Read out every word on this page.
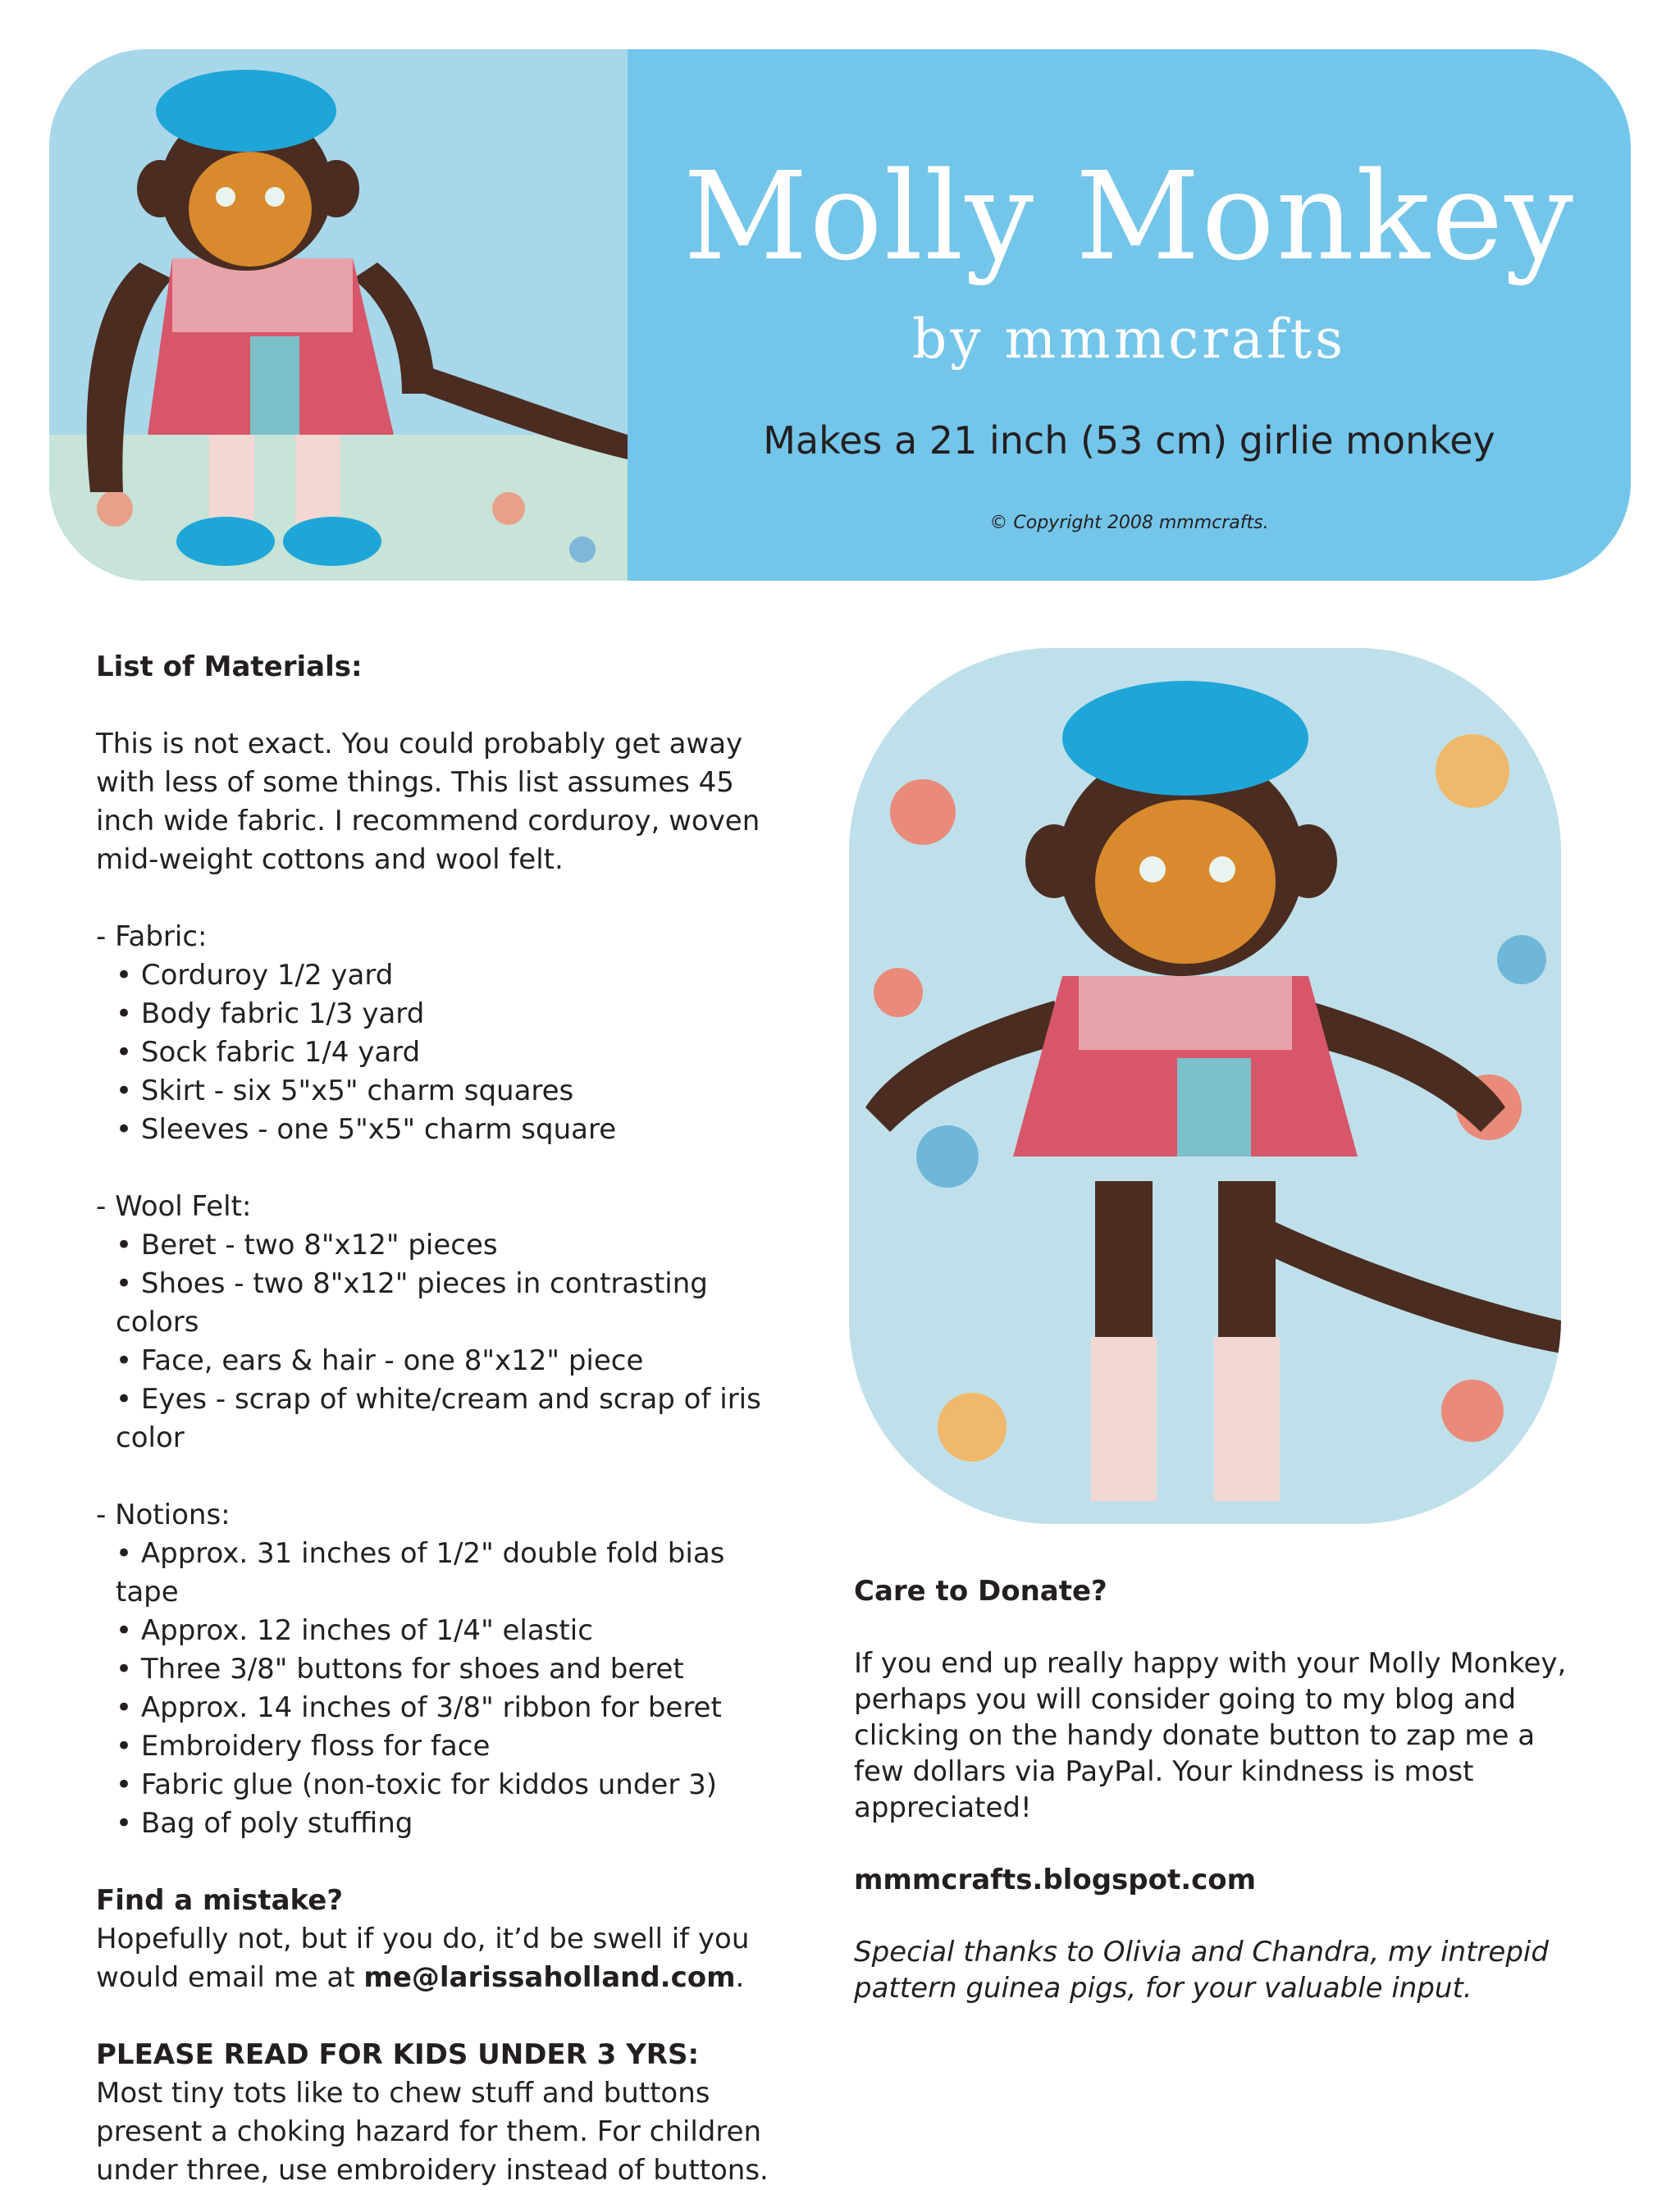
Molly Monkey
by mmmcrafts
Makes a 21 inch (53 cm) girlie monkey
© Copyright 2008 mmmcrafts.

List of Materials:

This is not exact. You could probably get away with less of some things. This list assumes 45 inch wide fabric. I recommend corduroy, woven mid-weight cottons and wool felt.

- Fabric:

• Corduroy 1/2 yard
• Body fabric 1/3 yard
• Sock fabric 1/4 yard
• Skirt - six 5"x5" charm squares
• Sleeves - one 5"x5" charm square

- Wool Felt:

• Beret - two 8"x12" pieces
• Shoes - two 8"x12" pieces in contrasting colors
• Face, ears & hair - one 8"x12" piece
• Eyes - scrap of white/cream and scrap of iris color

- Notions:

• Approx. 31 inches of 1/2" double fold bias tape
• Approx. 12 inches of 1/4" elastic
• Three 3/8" buttons for shoes and beret
• Approx. 14 inches of 3/8" ribbon for beret
• Embroidery floss for face
• Fabric glue (non-toxic for kiddos under 3)
• Bag of poly stuffing

Find a mistake?

Hopefully not, but if you do, it’d be swell if you would email me at me@larissaholland.com.

PLEASE READ FOR KIDS UNDER 3 YRS:

Most tiny tots like to chew stuff and buttons present a choking hazard for them. For children under three, use embroidery instead of buttons.

Care to Donate?

If you end up really happy with your Molly Monkey, perhaps you will consider going to my blog and clicking on the handy donate button to zap me a few dollars via PayPal. Your kindness is most appreciated!

mmmcrafts.blogspot.com

Special thanks to Olivia and Chandra, my intrepid pattern guinea pigs, for your valuable input.
